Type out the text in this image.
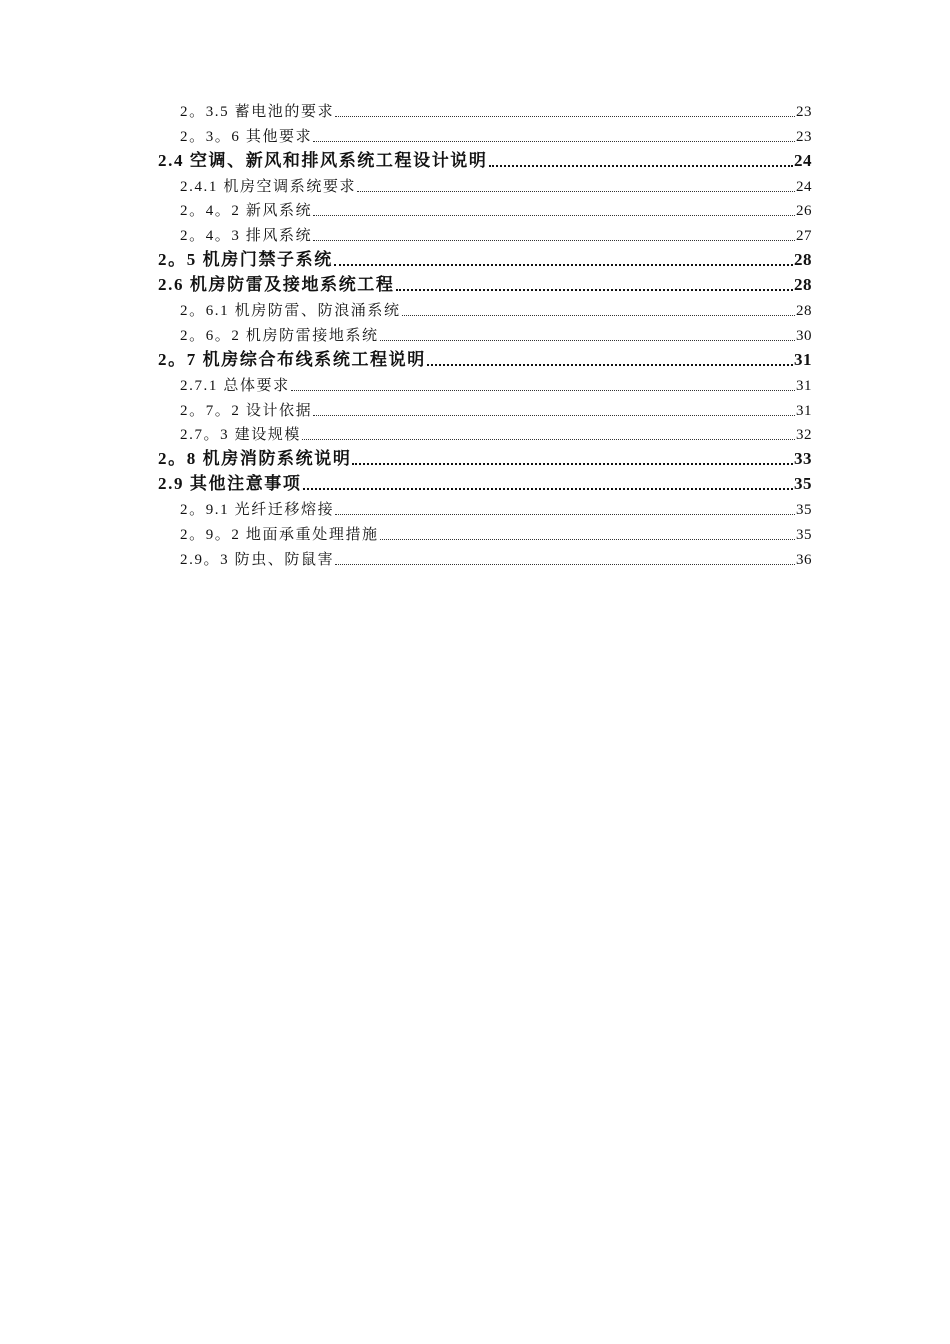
2。3.5 蓄电池的要求	23
2。3。6 其他要求	23
2.4 空调、新风和排风系统工程设计说明	24
2.4.1 机房空调系统要求	24
2。4。2 新风系统	26
2。4。3 排风系统	27
2。5 机房门禁子系统	28
2.6 机房防雷及接地系统工程	28
2。6.1 机房防雷、防浪涌系统	28
2。6。2 机房防雷接地系统	30
2。7 机房综合布线系统工程说明	31
2.7.1 总体要求	31
2。7。2 设计依据	31
2.7。3 建设规模	32
2。8 机房消防系统说明	33
2.9 其他注意事项	35
2。9.1 光纤迁移熔接	35
2。9。2 地面承重处理措施	35
2.9。3 防虫、防鼠害	36
